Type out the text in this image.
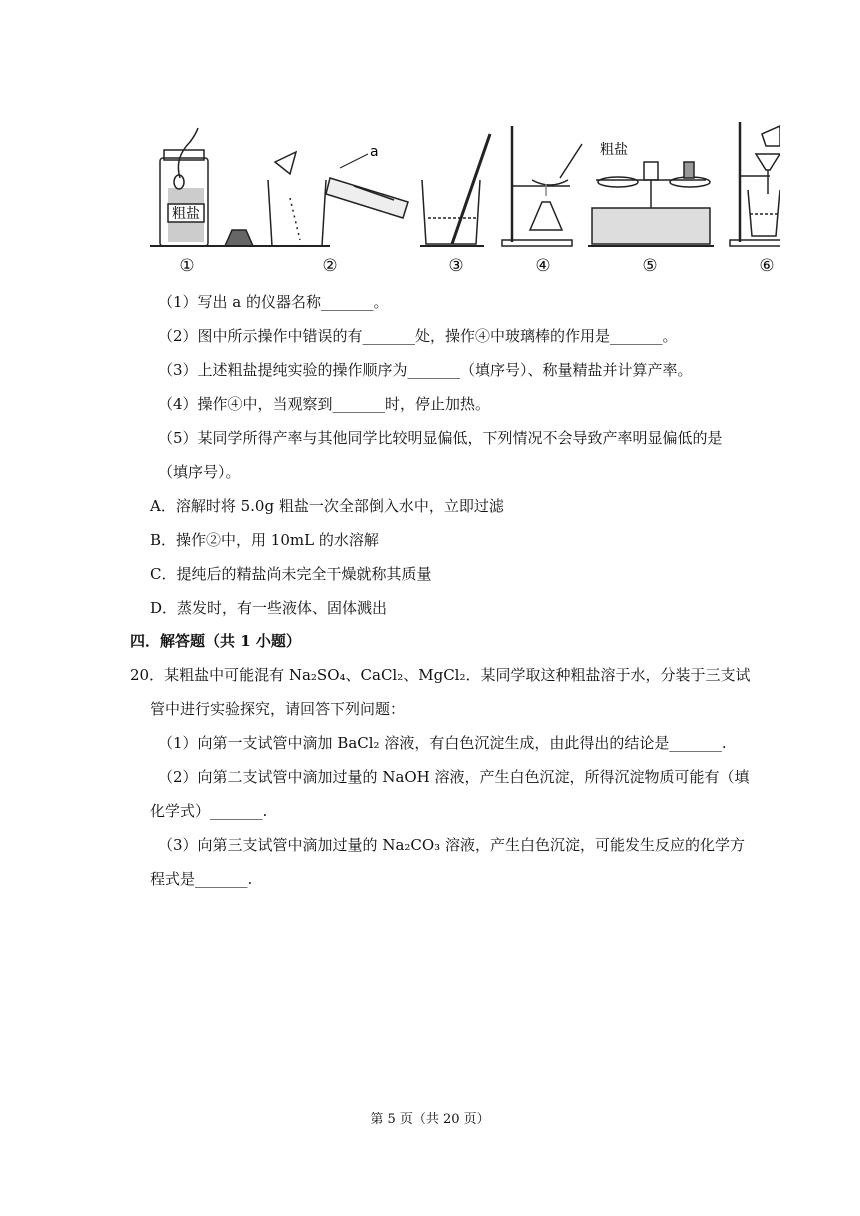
粗盐
a	粗盐
①	②	③	④	⑤	⑥
（1）写出 a 的仪器名称_______。
（2）图中所示操作中错误的有_______处，操作④中玻璃棒的作用是_______。
（3）上述粗盐提纯实验的操作顺序为_______（填序号）、称量精盐并计算产率。
（4）操作④中，当观察到_______时，停止加热。
（5）某同学所得产率与其他同学比较明显偏低，下列情况不会导致产率明显偏低的是
（填序号）。
A．溶解时将 5.0g 粗盐一次全部倒入水中，立即过滤
B．操作②中，用 10mL 的水溶解
C．提纯后的精盐尚未完全干燥就称其质量
D．蒸发时，有一些液体、固体溅出
四．解答题（共 1 小题）
20．某粗盐中可能混有 Na₂SO₄、CaCl₂、MgCl₂．某同学取这种粗盐溶于水，分装于三支试
管中进行实验探究，请回答下列问题：
（1）向第一支试管中滴加 BaCl₂ 溶液，有白色沉淀生成，由此得出的结论是_______.
（2）向第二支试管中滴加过量的 NaOH 溶液，产生白色沉淀，所得沉淀物质可能有（填
化学式）_______.
（3）向第三支试管中滴加过量的 Na₂CO₃ 溶液，产生白色沉淀，可能发生反应的化学方
程式是_______.
第 5 页（共 20 页）
